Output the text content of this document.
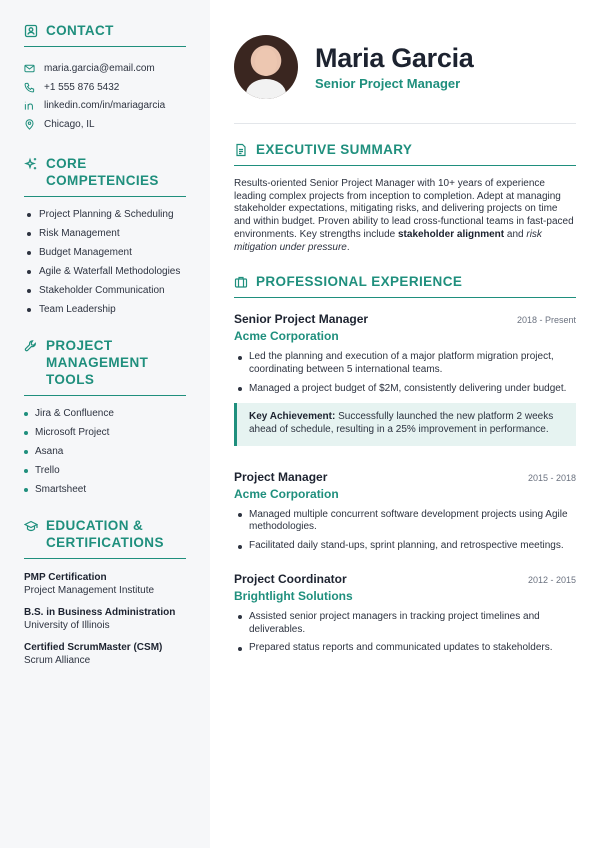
CONTACT
maria.garcia@email.com
+1 555 876 5432
linkedin.com/in/mariagarcia
Chicago, IL
CORE COMPETENCIES
Project Planning & Scheduling
Risk Management
Budget Management
Agile & Waterfall Methodologies
Stakeholder Communication
Team Leadership
PROJECT MANAGEMENT TOOLS
Jira & Confluence
Microsoft Project
Asana
Trello
Smartsheet
EDUCATION & CERTIFICATIONS
PMP Certification
Project Management Institute
B.S. in Business Administration
University of Illinois
Certified ScrumMaster (CSM)
Scrum Alliance
Maria Garcia
Senior Project Manager
EXECUTIVE SUMMARY

Results-oriented Senior Project Manager with 10+ years of experience leading complex projects from inception to completion. Adept at managing stakeholder expectations, mitigating risks, and delivering projects on time and within budget. Proven ability to lead cross-functional teams in fast-paced environments. Key strengths include stakeholder alignment and risk mitigation under pressure.

PROFESSIONAL EXPERIENCE
Senior Project Manager	2018 - Present
Acme Corporation
Led the planning and execution of a major platform migration project, coordinating between 5 international teams.
Managed a project budget of $2M, consistently delivering under budget.
Key Achievement: Successfully launched the new platform 2 weeks ahead of schedule, resulting in a 25% improvement in performance.
Project Manager	2015 - 2018
Acme Corporation
Managed multiple concurrent software development projects using Agile methodologies.
Facilitated daily stand-ups, sprint planning, and retrospective meetings.
Project Coordinator	2012 - 2015
Brightlight Solutions
Assisted senior project managers in tracking project timelines and deliverables.
Prepared status reports and communicated updates to stakeholders.
